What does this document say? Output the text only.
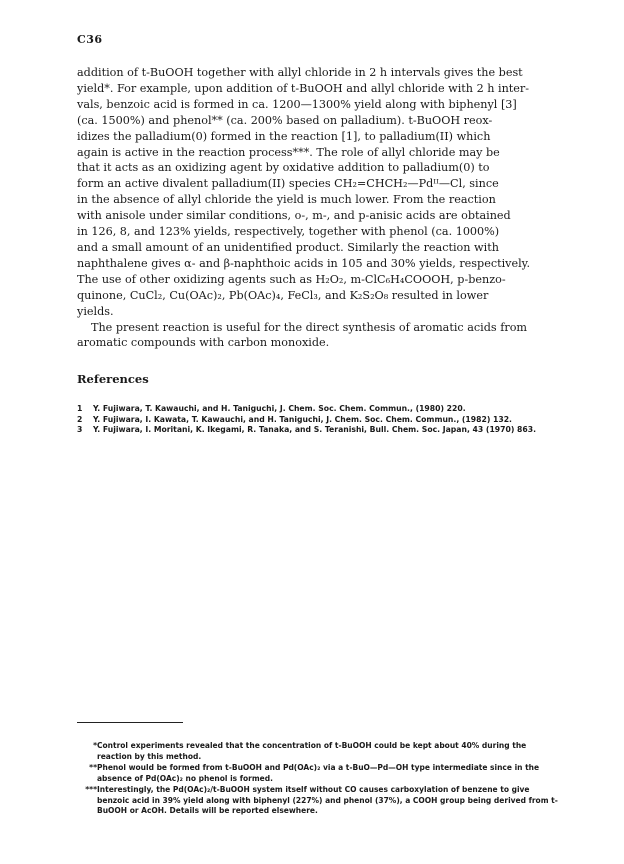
C36
addition of t-BuOOH together with allyl chloride in 2 h intervals gives the best
yield*. For example, upon addition of t-BuOOH and allyl chloride with 2 h inter-
vals, benzoic acid is formed in ca. 1200—1300% yield along with biphenyl [3]
(ca. 1500%) and phenol** (ca. 200% based on palladium). t-BuOOH reox-
idizes the palladium(0) formed in the reaction [1], to palladium(II) which
again is active in the reaction process***. The role of allyl chloride may be
that it acts as an oxidizing agent by oxidative addition to palladium(0) to
form an active divalent palladium(II) species CH₂=CHCH₂—Pdᴵᴵ—Cl, since
in the absence of allyl chloride the yield is much lower. From the reaction
with anisole under similar conditions, o-, m-, and p-anisic acids are obtained
in 126, 8, and 123% yields, respectively, together with phenol (ca. 1000%)
and a small amount of an unidentified product. Similarly the reaction with
naphthalene gives α- and β-naphthoic acids in 105 and 30% yields, respectively.
The use of other oxidizing agents such as H₂O₂, m-ClC₆H₄COOOH, p-benzo-
quinone, CuCl₂, Cu(OAc)₂, Pb(OAc)₄, FeCl₃, and K₂S₂O₈ resulted in lower
yields.
The present reaction is useful for the direct synthesis of aromatic acids from
aromatic compounds with carbon monoxide.
References
1	Y. Fujiwara, T. Kawauchi, and H. Taniguchi, J. Chem. Soc. Chem. Commun., (1980) 220.
2	Y. Fujiwara, I. Kawata, T. Kawauchi, and H. Taniguchi, J. Chem. Soc. Chem. Commun., (1982) 132.
3	Y. Fujiwara, I. Moritani, K. Ikegami, R. Tanaka, and S. Teranishi, Bull. Chem. Soc. Japan, 43 (1970) 863.
*Control experiments revealed that the concentration of t-BuOOH could be kept about 40% during the reaction by this method.
**Phenol would be formed from t-BuOOH and Pd(OAc)₂ via a t-BuO—Pd—OH type intermediate since in the absence of Pd(OAc)₂ no phenol is formed.
***Interestingly, the Pd(OAc)₂/t-BuOOH system itself without CO causes carboxylation of benzene to give benzoic acid in 39% yield along with biphenyl (227%) and phenol (37%), a COOH group being derived from t-BuOOH or AcOH. Details will be reported elsewhere.
